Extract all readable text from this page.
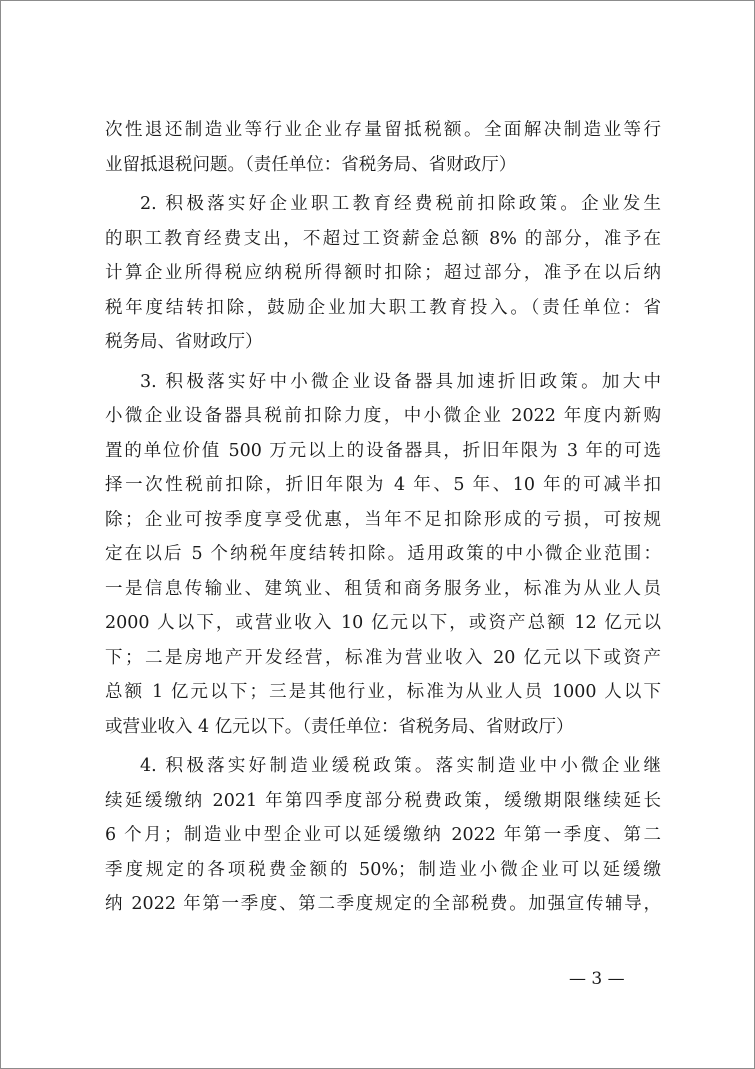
次性退还制造业等行业企业存量留抵税额。全面解决制造业等行
业留抵退税问题。（责任单位：省税务局、省财政厅）
2. 积极落实好企业职工教育经费税前扣除政策。企业发生
的职工教育经费支出，不超过工资薪金总额 8% 的部分，准予在
计算企业所得税应纳税所得额时扣除；超过部分，准予在以后纳
税年度结转扣除，鼓励企业加大职工教育投入。（责任单位：省
税务局、省财政厅）
3. 积极落实好中小微企业设备器具加速折旧政策。加大中
小微企业设备器具税前扣除力度，中小微企业 2022 年度内新购
置的单位价值 500 万元以上的设备器具，折旧年限为 3 年的可选
择一次性税前扣除，折旧年限为 4 年、5 年、10 年的可减半扣
除；企业可按季度享受优惠，当年不足扣除形成的亏损，可按规
定在以后 5 个纳税年度结转扣除。适用政策的中小微企业范围：
一是信息传输业、建筑业、租赁和商务服务业，标准为从业人员
2000 人以下，或营业收入 10 亿元以下，或资产总额 12 亿元以
下；二是房地产开发经营，标准为营业收入 20 亿元以下或资产
总额 1 亿元以下；三是其他行业，标准为从业人员 1000 人以下
或营业收入 4 亿元以下。（责任单位：省税务局、省财政厅）
4. 积极落实好制造业缓税政策。落实制造业中小微企业继
续延缓缴纳 2021 年第四季度部分税费政策，缓缴期限继续延长
6 个月；制造业中型企业可以延缓缴纳 2022 年第一季度、第二
季度规定的各项税费金额的 50%；制造业小微企业可以延缓缴
纳 2022 年第一季度、第二季度规定的全部税费。加强宣传辅导，
— 3 —
